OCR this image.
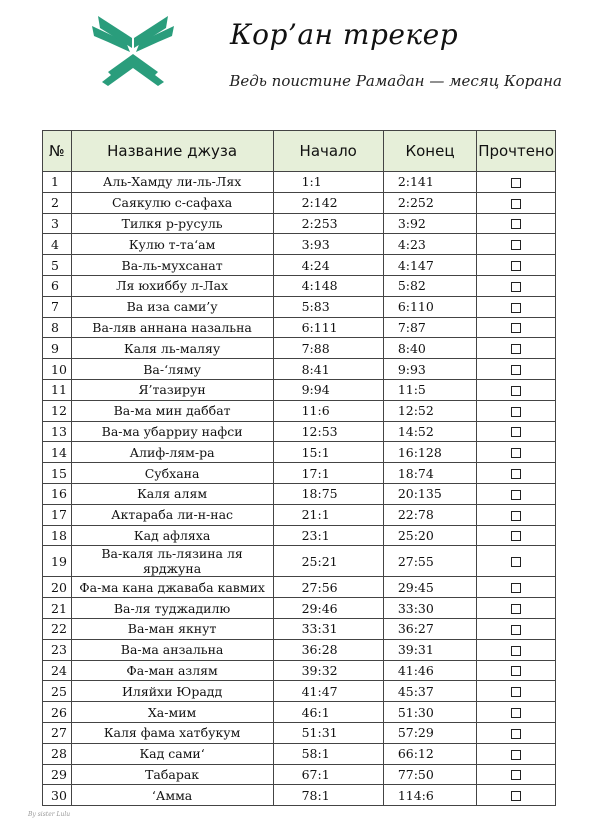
Кор’ан трекер
Ведь поистине Рамадан — месяц Корана
№	Название джуза	Начало	Конец	Прочтено
1	Аль-Хамду ли-ль-Лях	1:1	2:141	
2	Саякулю с-сафаха	2:142	2:252	
3	Тилкя р-русуль	2:253	3:92	
4	Кулю т-таʻам	3:93	4:23	
5	Ва-ль-мухсанат	4:24	4:147	
6	Ля юхиббу л-Лах	4:148	5:82	
7	Ва иза сами’у	5:83	6:110	
8	Ва-ляв аннана назальна	6:111	7:87	
9	Каля ль-маляу	7:88	8:40	
10	Ва-‘ляму	8:41	9:93	
11	Я’тазирун	9:94	11:5	
12	Ва-ма мин даббат	11:6	12:52	
13	Ва-ма убарриу нафси	12:53	14:52	
14	Алиф-лям-ра	15:1	16:128	
15	Субхана	17:1	18:74	
16	Каля алям	18:75	20:135	
17	Актараба ли-н-нас	21:1	22:78	
18	Кад афляха	23:1	25:20	
19	Ва-каля ль-лязина ля ярджуна	25:21	27:55	
20	Фа-ма кана джаваба кавмих	27:56	29:45	
21	Ва-ля туджадилю	29:46	33:30	
22	Ва-ман якнут	33:31	36:27	
23	Ва-ма анзальна	36:28	39:31	
24	Фа-ман азлям	39:32	41:46	
25	Иляйхи Юрадд	41:47	45:37	
26	Ха-мим	46:1	51:30	
27	Каля фама хатбукум	51:31	57:29	
28	Кад сами‘	58:1	66:12	
29	Табарак	67:1	77:50	
30	‘Амма	78:1	114:6	
By sister Lulu
